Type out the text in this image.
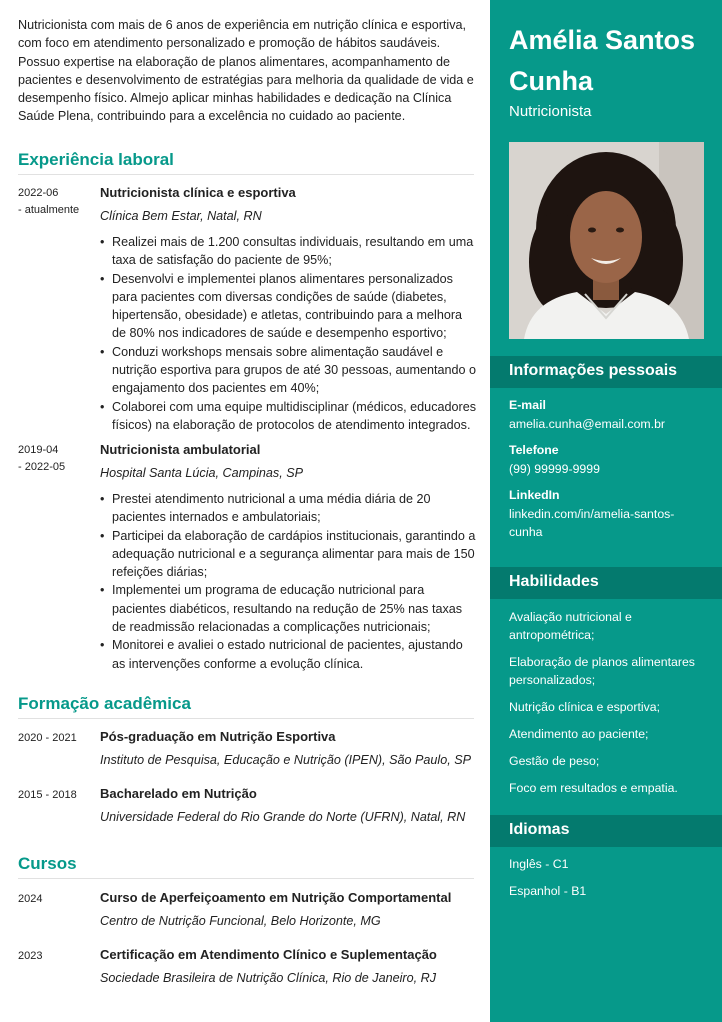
Nutricionista com mais de 6 anos de experiência em nutrição clínica e esportiva, com foco em atendimento personalizado e promoção de hábitos saudáveis. Possuo expertise na elaboração de planos alimentares, acompanhamento de pacientes e desenvolvimento de estratégias para melhoria da qualidade de vida e desempenho físico. Almejo aplicar minhas habilidades e dedicação na Clínica Saúde Plena, contribuindo para a excelência no cuidado ao paciente.

Experiência laboral
2022-06
- atualmente
Nutricionista clínica e esportiva
Clínica Bem Estar, Natal, RN
• Realizei mais de 1.200 consultas individuais, resultando em uma taxa de satisfação do paciente de 95%;
• Desenvolvi e implementei planos alimentares personalizados para pacientes com diversas condições de saúde (diabetes, hipertensão, obesidade) e atletas, contribuindo para a melhora de 80% nos indicadores de saúde e desempenho esportivo;
• Conduzi workshops mensais sobre alimentação saudável e nutrição esportiva para grupos de até 30 pessoas, aumentando o engajamento dos pacientes em 40%;
• Colaborei com uma equipe multidisciplinar (médicos, educadores físicos) na elaboração de protocolos de atendimento integrados.
2019-04
- 2022-05
Nutricionista ambulatorial
Hospital Santa Lúcia, Campinas, SP
• Prestei atendimento nutricional a uma média diária de 20 pacientes internados e ambulatoriais;
• Participei da elaboração de cardápios institucionais, garantindo a adequação nutricional e a segurança alimentar para mais de 150 refeições diárias;
• Implementei um programa de educação nutricional para pacientes diabéticos, resultando na redução de 25% nas taxas de readmissão relacionadas a complicações nutricionais;
• Monitorei e avaliei o estado nutricional de pacientes, ajustando as intervenções conforme a evolução clínica.
Formação acadêmica
2020 - 2021	Pós-graduação em Nutrição Esportiva
Instituto de Pesquisa, Educação e Nutrição (IPEN), São Paulo, SP
2015 - 2018	Bacharelado em Nutrição
Universidade Federal do Rio Grande do Norte (UFRN), Natal, RN
Cursos
2024	Curso de Aperfeiçoamento em Nutrição Comportamental
Centro de Nutrição Funcional, Belo Horizonte, MG
2023	Certificação em Atendimento Clínico e Suplementação
Sociedade Brasileira de Nutrição Clínica, Rio de Janeiro, RJ
Amélia Santos Cunha
Nutricionista
Informações pessoais
E-mail
amelia.cunha@email.com.br
Telefone
(99) 99999-9999
LinkedIn
linkedin.com/in/amelia-santos-cunha
Habilidades
Avaliação nutricional e antropométrica;
Elaboração de planos alimentares personalizados;
Nutrição clínica e esportiva;
Atendimento ao paciente;
Gestão de peso;
Foco em resultados e empatia.
Idiomas
Inglês - C1
Espanhol - B1
